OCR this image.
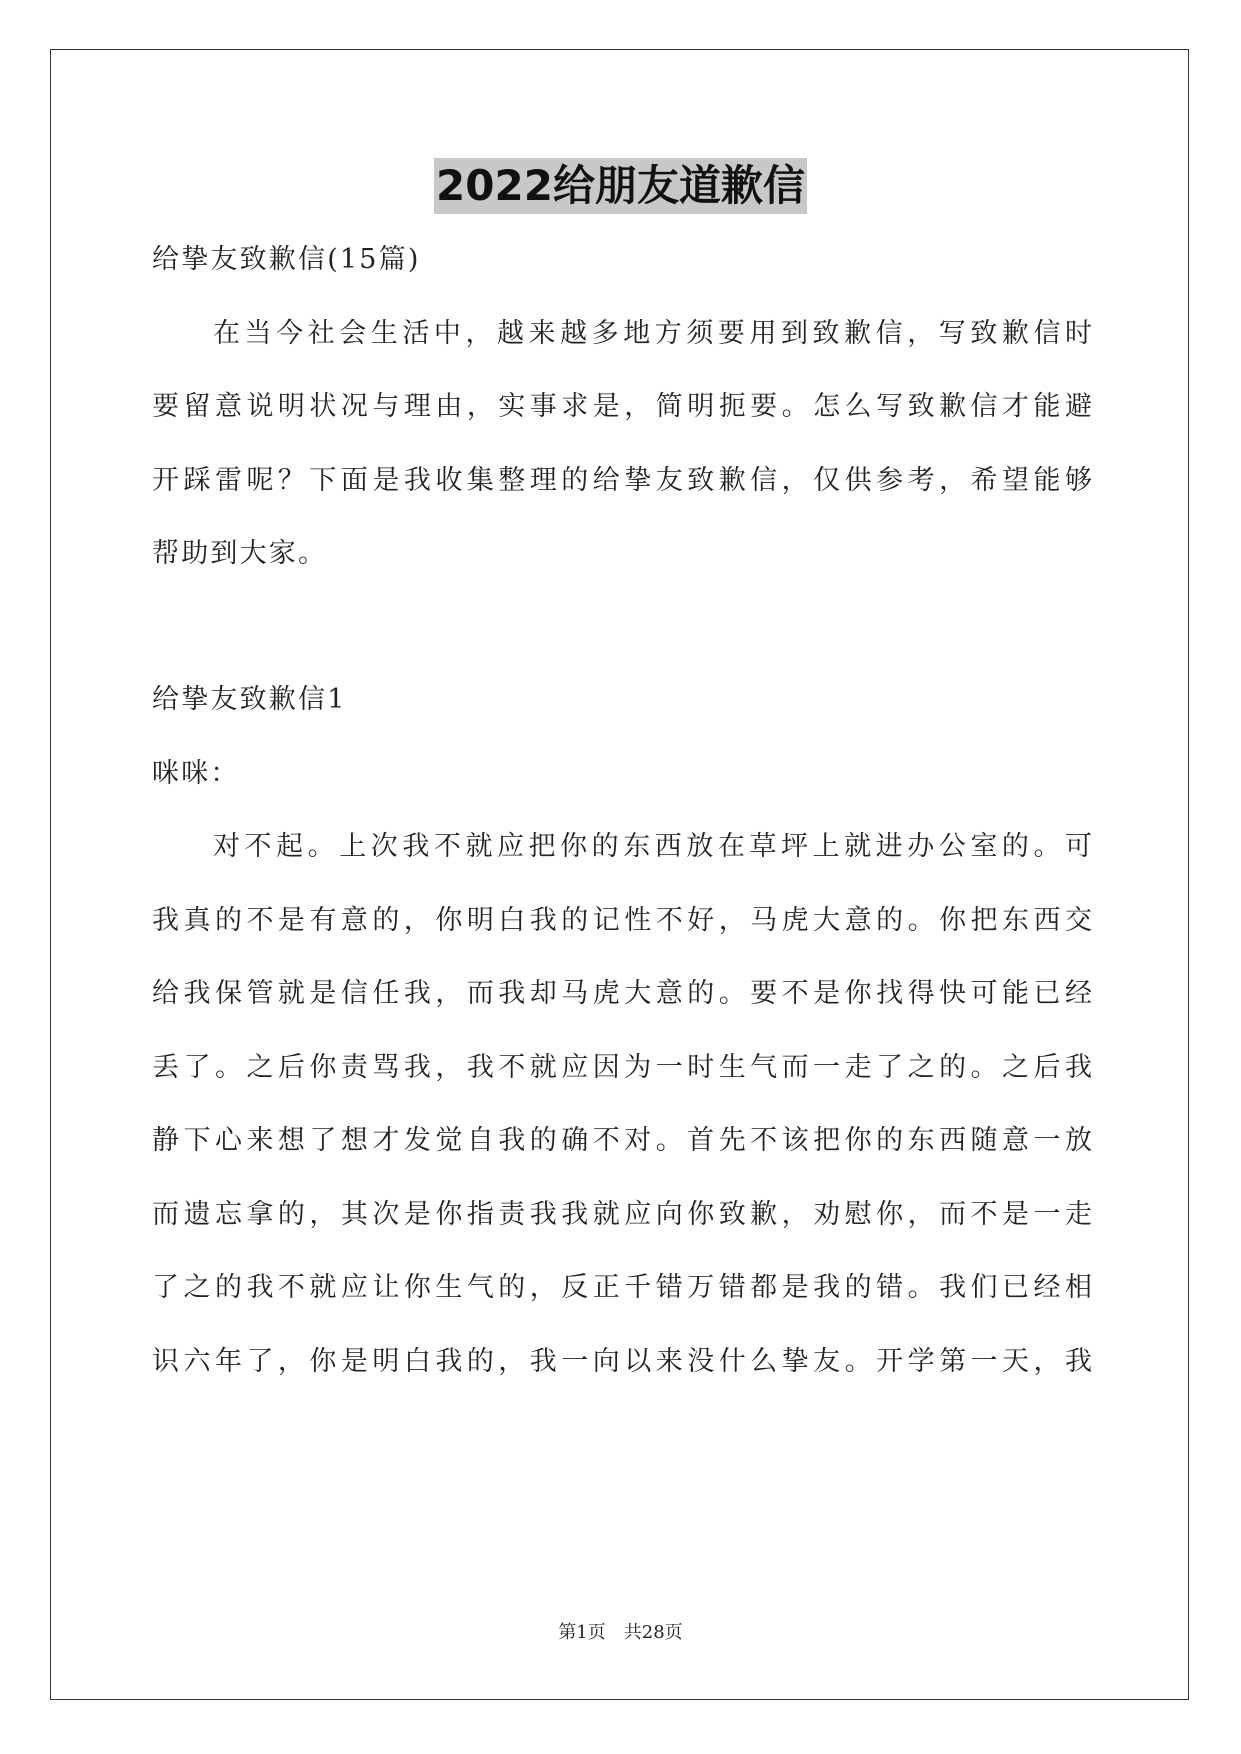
2022给朋友道歉信
给挚友致歉信(15篇)
在当今社会生活中，越来越多地方须要用到致歉信，写致歉信时
要留意说明状况与理由，实事求是，简明扼要。怎么写致歉信才能避
开踩雷呢？下面是我收集整理的给挚友致歉信，仅供参考，希望能够
帮助到大家。
给挚友致歉信1
咪咪：
对不起。上次我不就应把你的东西放在草坪上就进办公室的。可
我真的不是有意的，你明白我的记性不好，马虎大意的。你把东西交
给我保管就是信任我，而我却马虎大意的。要不是你找得快可能已经
丢了。之后你责骂我，我不就应因为一时生气而一走了之的。之后我
静下心来想了想才发觉自我的确不对。首先不该把你的东西随意一放
而遗忘拿的，其次是你指责我我就应向你致歉，劝慰你，而不是一走
了之的我不就应让你生气的，反正千错万错都是我的错。我们已经相
识六年了，你是明白我的，我一向以来没什么挚友。开学第一天，我
第1页　共28页
